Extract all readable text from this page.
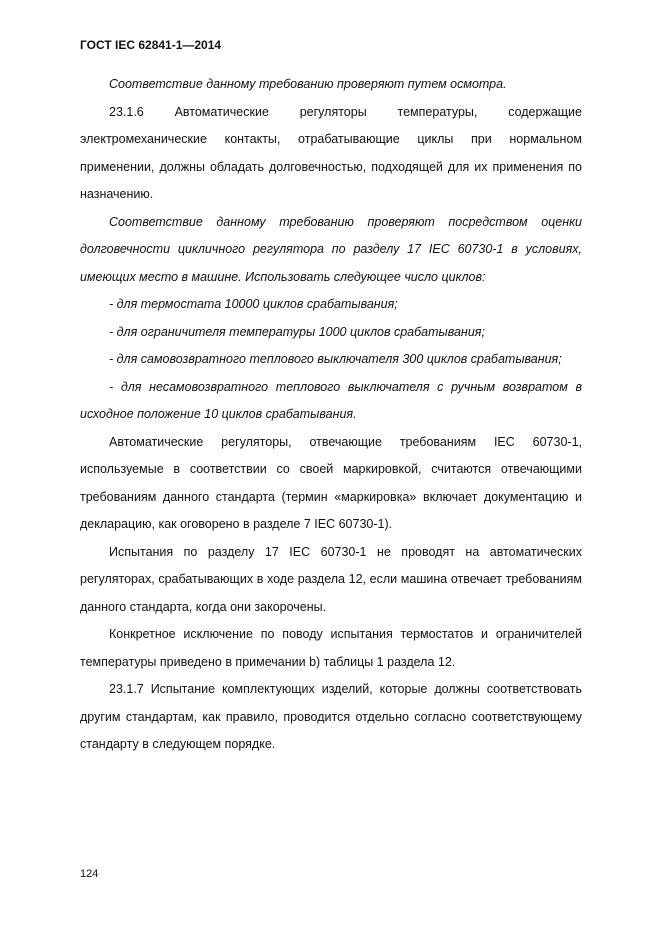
ГОСТ IEC 62841-1—2014

Соответствие данному требованию проверяют путем осмотра.

23.1.6 Автоматические регуляторы температуры, содержащие электромеханические контакты, отрабатывающие циклы при нормальном применении, должны обладать долговечностью, подходящей для их применения по назначению.

Соответствие данному требованию проверяют посредством оценки долговечности цикличного регулятора по разделу 17 IEC 60730-1 в условиях, имеющих место в машине. Использовать следующее число циклов:

- для термостата 10000 циклов срабатывания;

- для ограничителя температуры 1000 циклов срабатывания;

- для самовозвратного теплового выключателя 300 циклов срабатывания;

- для несамовозвратного теплового выключателя с ручным возвратом в исходное положение 10 циклов срабатывания.

Автоматические регуляторы, отвечающие требованиям IEC 60730-1, используемые в соответствии со своей маркировкой, считаются отвечающими требованиям данного стандарта (термин «маркировка» включает документацию и декларацию, как оговорено в разделе 7 IEC 60730-1).

Испытания по разделу 17 IEC 60730-1 не проводят на автоматических регуляторах, срабатывающих в ходе раздела 12, если машина отвечает требованиям данного стандарта, когда они закорочены.

Конкретное исключение по поводу испытания термостатов и ограничителей температуры приведено в примечании b) таблицы 1 раздела 12.

23.1.7 Испытание комплектующих изделий, которые должны соответствовать другим стандартам, как правило, проводится отдельно согласно соответствующему стандарту в следующем порядке.

124
